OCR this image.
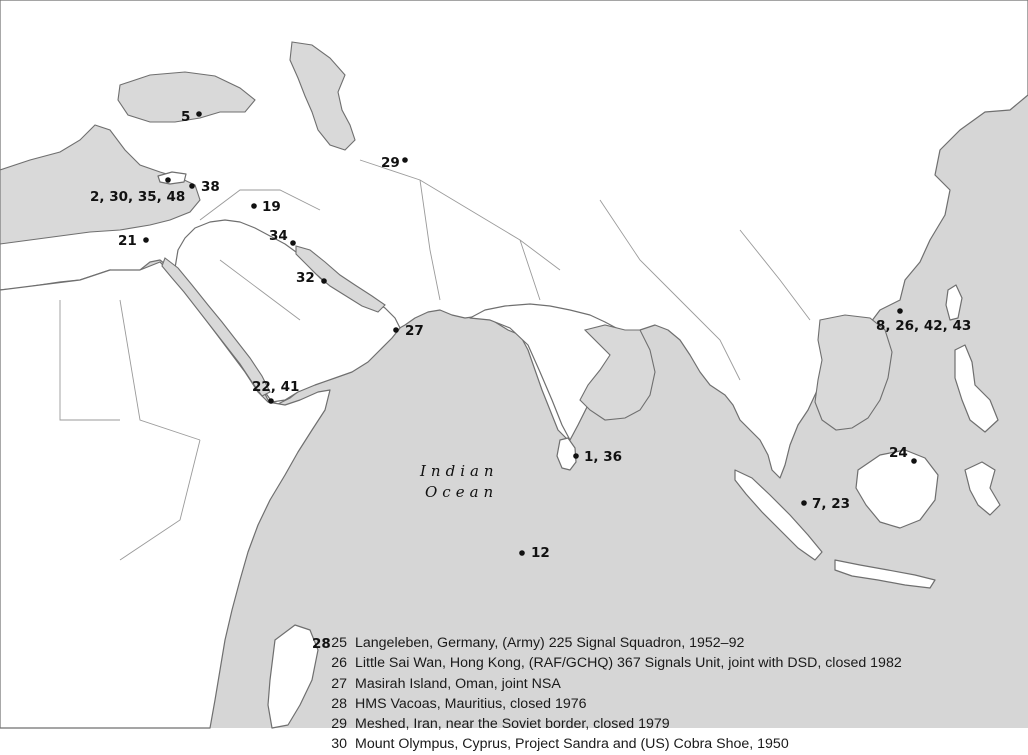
5
29
2, 30, 35, 48
38
19
34
21
32
27	8, 26, 42, 43
22, 41
1, 36	24
7, 23
12
Indian
Ocean
28 25 Langeleben, Germany, (Army) 225 Signal Squadron, 1952–92
26 Little Sai Wan, Hong Kong, (RAF/GCHQ) 367 Signals Unit, joint with DSD, closed 1982
27 Masirah Island, Oman, joint NSA
28 HMS Vacoas, Mauritius, closed 1976
29 Meshed, Iran, near the Soviet border, closed 1979
30 Mount Olympus, Cyprus, Project Sandra and (US) Cobra Shoe, 1950
